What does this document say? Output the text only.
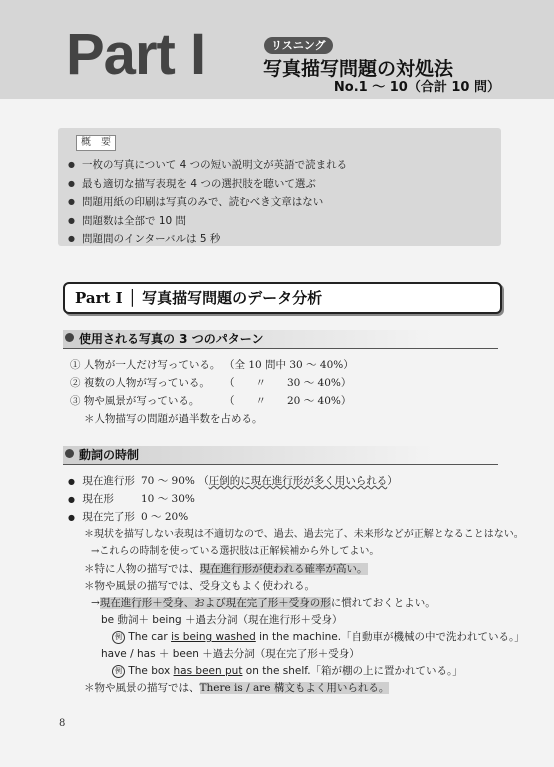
Part I	リスニング
写真描写問題の対処法
No.1 ～ 10（合計 10 問）
概　要
● 一枚の写真について 4 つの短い説明文が英語で読まれる
● 最も適切な描写表現を 4 つの選択肢を聴いて選ぶ
● 問題用紙の印刷は写真のみで、読むべき文章はない
● 問題数は全部で 10 問
● 問題間のインターバルは 5 秒
Part Ⅰ │ 写真描写問題のデータ分析
使用される写真の 3 つのパターン
① 人物が一人だけ写っている。 （全 10 問中 30 ～ 40%）
② 複数の人物が写っている。 （　　〃　　30 ～ 40%）
③ 物や風景が写っている。 （　　〃　　20 ～ 40%）
＊人物描写の問題が過半数を占める。
動詞の時制
● 現在進行形 70 ～ 90% （圧倒的に現在進行形が多く用いられる）
● 現在形	10 ～ 30%
● 現在完了形 0 ～ 20%
＊現状を描写しない表現は不適切なので、過去、過去完了、未来形などが正解となることはない。
→これらの時制を使っている選択肢は正解候補から外してよい。
＊特に人物の描写では、現在進行形が使われる確率が高い。
＊物や風景の描写では、受身文もよく使われる。
→現在進行形＋受身、および現在完了形＋受身の形に慣れておくとよい。
be 動詞＋ being ＋過去分詞（現在進行形＋受身）
例 The car is being washed in the machine.「自動車が機械の中で洗われている。」
have / has ＋ been ＋過去分詞（現在完了形＋受身）
例 The box has been put on the shelf.「箱が棚の上に置かれている。」
＊物や風景の描写では、There is / are 構文もよく用いられる。
8
